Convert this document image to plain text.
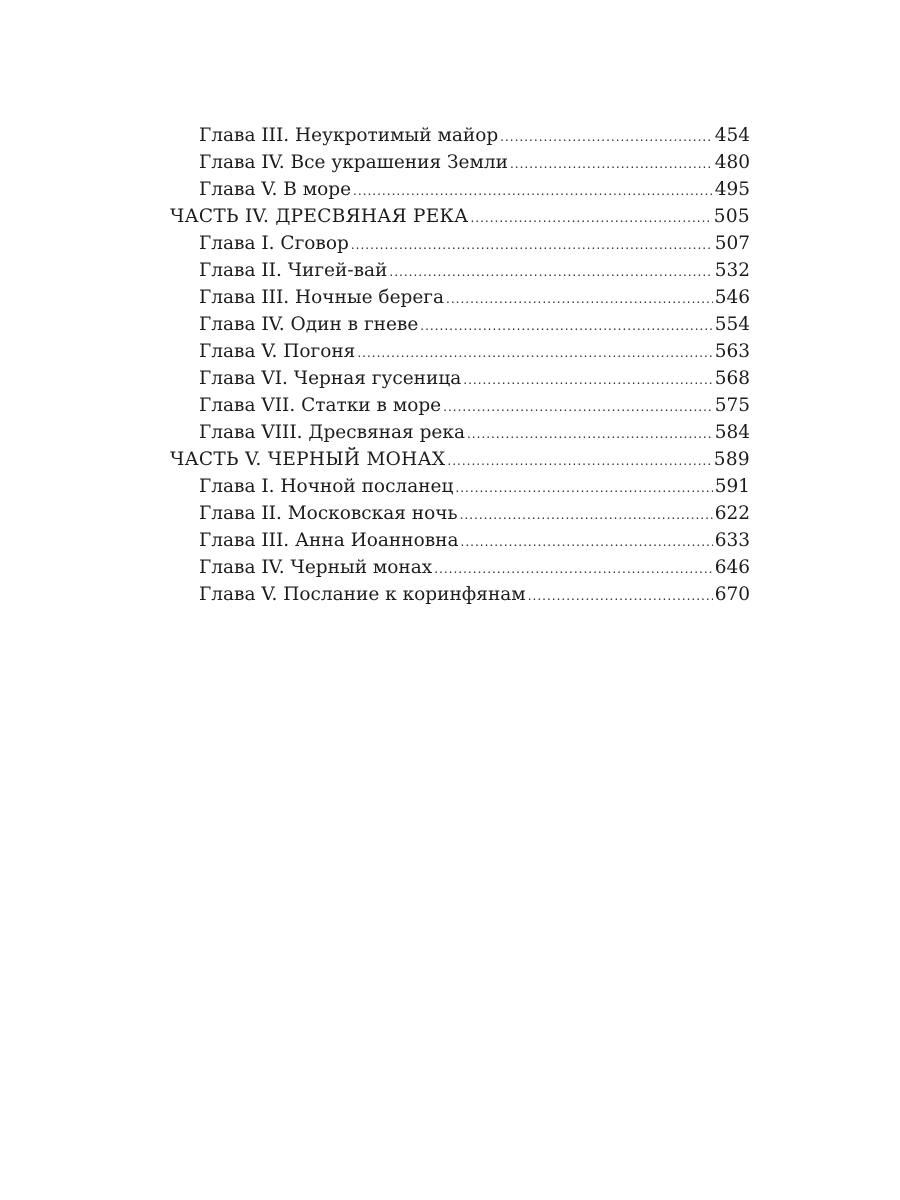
Глава III. Неукротимый майор .....	454
Глава IV. Все украшения Земли .....	480
Глава V. В море .....	495
ЧАСТЬ IV. ДРЕСВЯНАЯ РЕКА .....	505
Глава I. Сговор .....	507
Глава II. Чигей-вай .....	532
Глава III. Ночные берега .....	546
Глава IV. Один в гневе .....	554
Глава V. Погоня .....	563
Глава VI. Черная гусеница .....	568
Глава VII. Статки в море .....	575
Глава VIII. Дресвяная река .....	584
ЧАСТЬ V. ЧЕРНЫЙ МОНАХ .....	589
Глава I. Ночной посланец .....	591
Глава II. Московская ночь .....	622
Глава III. Анна Иоанновна .....	633
Глава IV. Черный монах .....	646
Глава V. Послание к коринфянам .....	670
